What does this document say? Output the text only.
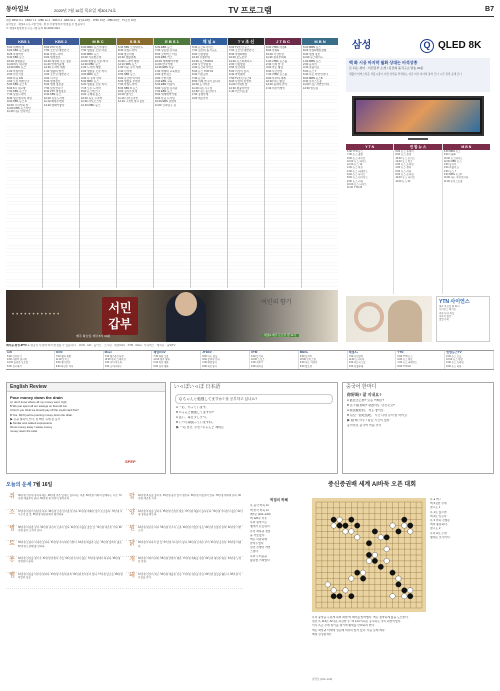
동아일보	2020년 7월 16일 목요일 제30174호	TV 프로그램	B7
채널 KBS1 9-1 · KBS2 7-1 · MBC 11-1 · SBS 6-1 · EBS 10-1 · 채널A 18번 · JTBC 15번 · MBN 16번 · TV조선 19번
동아일보 · 채널A 프로그램 안내 · 편성 사정에 따라 변경될 수 있습니다
※ 채널A 종합편성 프로그램 문의 02-2020-3114
KBS 1
5:00 새벽의 창
6:00 KBS 뉴스광장
8:25 아침마당
9:40 KBS 뉴스
10:00 생생정보
11:00 6시 내고향
12:00 KBS 뉴스
1:00 아침마당
2:00 인간극장
3:00 다큐 ON
4:00 오늘 대한민국
5:00 KBS 뉴스 5
6:00 6시 내고향
7:00 KBS 뉴스 7
7:40 일일드라마
8:30 생로병사의 비밀
9:00 KBS 뉴스 9
10:00 시사기획 창
11:00 KBS 뉴스라인
11:40 다큐 인사이트
KBS 2
6:00 2TV 아침
7:50 굿모닝 대한민국
8:30 아침드라마
9:00 생생정보
10:40 세상의 모든 정보
11:40 연예가중계
12:30 드라마 재방
1:40 생활의 발견
3:00 굿모닝 대한민국
4:00 시크릿
5:00 생생정보
6:00 생생 정보통
7:50 일일연속극
8:30 2TV 생생정보
9:30 KBS 뉴스
10:00 목요드라마
11:10 해피투게더
12:20 영화가좋다
M B C
6:00 MBC 뉴스투데이
7:50 생방송 오늘 아침
9:30 MBC 뉴스
10:00 기분좋은날
11:00 생방송 오늘 저녁
12:00 MBC 뉴스
1:00 드라마 재방
2:00 생방송 오늘 저녁
3:00 MBC 뉴스
4:00 나 혼자 산다
5:00 MBC 뉴스
6:00 생방송 오늘 저녁
7:15 오후 드라마
8:00 뉴스데스크
9:00 구해줘 홈즈
10:30 목요 드라마
11:30 라디오스타
12:40 MBC 뉴스
S B S
5:30 SBS 모닝와이드
8:30 아침드라마
9:30 좋은아침
10:40 생활경제
11:30 드라마 재방
12:10 SBS 뉴스
1:00 미운 우리 새끼
2:40 런닝맨
3:50 SBS 뉴스
5:00 궁금한 이야기
6:00 생방송 투데이
7:00 아침드라마
8:00 SBS 8 뉴스
9:00 집사부일체
10:00 앨리스
11:10 나이트라인
12:10 그것이 알고싶다
E B S 1
6:00 EBS 뉴스
7:00 딩동댕 유치원
8:00 꼬마버스 타요
9:00 EBS 키즈
10:00 세계테마기행
11:00 한국기행
12:00 EBS 다큐
1:00 세계의 교육현장
2:00 장학퀴즈
3:00 극한직업
4:00 EBS 교육
5:00 EBS 어린이
6:00 딩동댕 유치원
7:00 EBS 뉴스
8:00 세계테마기행
9:00 다큐 프라임
10:00 EBS 초대석
11:00 건축탐구 집
채 널 A
5:30 뉴스A 라이브
7:00 김진의 돌직구쇼
9:00 신통방통
10:40 강철부대
12:00 뉴스TOP10
2:00 사건상황실
3:30 뉴스A 라이브
5:00 뉴스 TOP 10
6:00 서민갑부
7:30 뉴스A
8:50 이제 만나러 갑니다
10:00 도시어부
11:40 하트시그널
12:50 나는 몸신이다
1:50 강철부대
3:00 애로부부
T V 조 선
6:00 TV조선 뉴스
7:00 굿모닝 대한민국
8:30 아침&매일
10:00 보도본부
12:00 뉴스퍼레이드
2:00 신통방통
3:50 사건파일
5:00 이것이 정치
6:30 마이웨이
7:50 TV조선 뉴스9
9:00 사랑의 콜센타
11:00 아내의 맛
12:30 뽕숭아학당
1:40 미스터트롯
J T B C
6:00 JTBC 아침&
8:00 아침&
10:00 사건반장
11:30 정치부회의
1:00 JTBC 뉴스룸
2:30 신의 한 수
4:00 아는 형님
6:00 사건반장
7:30 JTBC 뉴스룸
9:00 부부의 세계
10:30 아는 형님
12:00 뭉쳐야 찬다
1:30 비긴어게인
M B N
6:00 MBN 뉴스
8:00 아침&매일경제
9:30 생생 정보
11:00 뉴스와이드
1:00 MBN 뉴스
2:00 동치미
3:40 속풀이쇼
5:00 뉴스 7
6:30 나는 자연인이다
8:00 MBN 뉴스8
9:30 보이스트롯
11:00 나는 자연인이다
12:30 알토란
••••••••••••	서민 갑부
매주 화요일 저녁 8시 10분
여인의 향기
채널A 매주 토요일 밤 11시
케이블·위성·IPTV ※ 방송사 사정에 따라 변경될 수 있습니다. · OCN · tvN · 올리브 · 스크린 · 채널CGV · XTM · Mnet · 투니버스 · 캐치온 · 중화TV
tvN
6:00 신서유기
9:00 사랑의 불시착
12:00 놀라운 토요일
5:00 삼시세끼
OCN
7:00 영화 재방
11:00 보이스
3:00 경이로운
9:00 타인은 지옥
Mnet
6:00 엠카운트다운
10:00 뮤직 스테이션
2:00 너의 목소리
8:00 쇼미더머니
채널CGV
7:30 영화 모음
11:00 명작 영화
3:10 특선 영화
9:00 심야 영화
JTBC2
6:00 아는 형님
9:00 뭉쳐야 산다
1:00 팬텀싱어
8:00 히든싱어
XTM
6:00 탑기어
10:00 스포츠
3:00 격투기
9:00 레이싱
MBN+
6:00 동치미
10:00 보이스퀸
2:00 나는 자연인
8:00 알토란
채널A+
7:00 서민갑부
11:00 도시어부
3:00 하트시그널
9:00 강철부대
YTN
6:00 YTN 뉴스
9:00 뉴스 특보
1:00 뉴스 퍼레이드
8:00 YTN 24
연합뉴스TV
6:00 뉴스 오늘
10:00 뉴스 현장
2:00 뉴스 프라임
9:00 뉴스 리뷰
삼성	Q QLED 8K
백 화 시공 마지막 월화 상대는 비석상종
돈 되는 취미 · 서민갑부 소개 / 김진의 돌직구쇼 방송 20분
생활이 억척스러운 서울시장이 사람 성적을 추적하는 지금 여기 자녀의 통역 코너 시간 전격 공개 코너
Y T N
6:00 YTN 뉴스
7:00 뉴스 출발
9:00 뉴스 라이브
10:00 뉴스 와이드
12:00 뉴스 12
2:00 뉴스 특보
4:00 뉴스 퍼레이드
6:00 뉴스 나이트
8:00 뉴스 인사이드
9:00 뉴스 리뷰
10:00 뉴스 나이트
11:00 YTN 24
연 합 뉴 스
6:00 뉴스 투데이
8:00 뉴스 현장
10:00 뉴스 포커스
12:00 뉴스 정오
2:00 뉴스 프라임
4:00 뉴스 센터
6:00 뉴스 리뷰
8:00 뉴스 프라임
10:00 뉴스 나이트
11:00 뉴스 24
M B N
6:00 MBN 뉴스
8:00 아침&
10:00 뉴스와이드
12:00 MBN 뉴스
2:00 동치미
4:00 속풀이쇼
6:00 뉴스 7
8:00 MBN 뉴스8
10:00 나는 자연인이다
11:00 보이스트롯
YTN 사이언스
매주 목요일 밤 11시
사이언스 매거진
과학 다큐 특집
과학의 발견
별별 과학
English Review
Pour money down the drain
A I don't know where all my money went. Ugh.
B We just spent all our savings on that old car.
A Don't you think we should pay off the credit card first?
B Yes. We'll just be pouring money down the drain.
▶ 돈을 헛되이 쓰다, 밑 빠진 독에 물 붓기
▶ Similar and related expressions
throw money away / waste money
money down the toilet
SPEP
いっぽいっぽ 日本語
Q ちゃんと勉強してますか? 잘 공부하고 있나요?
A 一応、やっています。
B ちゃんと勉強してますか?
A はい、毎日少しずつ。
B いつも頑張っていますね。
▶ 一応 일단, 우선 / ちゃんと 제대로
중국어 한마디
你好吗? 잘 지내요?
A 最近怎么样? 요즘 어때요?
B 还不错,你呢? 괜찮아요, 당신은요?
A 我也挺好的。 저도 좋아요.
B 有空一起吃饭吧。 시간 나면 같이 밥 먹어요.
▶ 挺 꽤, 아주 / 有空 시간이 있다
동아일보 중국어 학습 코너
오늘의 운세 7월 16일
쥐	36년생 건강에 유의하세요. 48년생 작은 일에도 감사하는 마음. 60년생 가족과 함께하는 시간. 72년생 재물운이 좋다. 84년생 새 인연이 찾아온다.
소	37년생 마음이 편안한 하루. 49년생 오랜 친구를 만난다. 61년생 계획한 일이 순조롭다. 73년생 서두르지 말 것. 85년생 대인관계가 원만하다.
범	38년생 여유를 갖자. 50년생 귀인의 도움이 있다. 62년생 지출을 줄일 것. 74년생 새로운 기회. 86년생 좋은 소식이 온다.
토	39년생 조용히 지내면 길하다. 51년생 자녀에게 기쁨이. 63년생 재물운 상승. 75년생 협력이 필요. 87년생 도전해 볼 만하다.
용	40년생 건강을 챙기자. 52년생 뜻밖의 수입. 64년생 인내가 필요. 76년생 명예가 따른다. 88년생 연애운이 좋다.
뱀	41년생 마음을 비우면 편하다. 53년생 가정에 화목. 65년생 문서운이 있다. 77년생 말조심. 89년생 학업운 상승.
말	42년생 욕심을 줄이자. 54년생 좋은 일이 생긴다. 66년생 이동운이 있다. 78년생 계약에 유리. 90년생 새로운 시작.
양	43년생 주변을 살피자. 55년생 건강운 양호. 67년생 재물이 들어온다. 79년생 기다림이 필요. 91년생 칭찬을 받는다.
원	44년생 평온한 하루. 56년생 친구의 도움. 68년생 사업운 상승. 80년생 신중한 선택. 92년생 기쁜 소식.
닭	45년생 무리하지 말 것. 57년생 자녀운이 좋다. 69년생 손재수 주의. 81년생 승진운. 93년생 여행운.
개	46년생 가족의 화목. 58년생 뜻밖의 행운. 70년생 계획을 점검. 82년생 대인운 양호. 94년생 노력한 만큼.
돼	47년생 건강이 최고. 59년생 재물운 상승. 71년생 귀인을 만남. 83년생 결실을 맺는다. 95년생 자신감을 갖자.
중신증권배 세계 AI바둑 오픈 대회
허점의 허혜
흑 중국 바둑 AI
백 한국 바둑 AI
제7보 (101~120)
백 120수 이후
흑의 실착으로
형세가 흔들린다.
흑이 좌하귀 침입
을 서둘렀다.
백은 차분하게
받아두었다.
실전 진행이 자연
스럽다.
흑의 두터움을
활용할 기회였다.
흑 ● 백 ○
백 3집반 우세
참고도 1
흑 1로 끊으면
백 2로 잇는다.
흑 3 이하 진행은
백이 충분하다.
참고도 2
흑이 A로 두면
형세는 호각이다.
흑이 중앙을 두텁게 하며 좌변 백 대마를 압박했다. 백은 침착하게 삶을 도모한다.
실전 흑 113은 AI다운 과감한 수. 백 114 이하로 응수하는 것이 최선이었다.
이후 흑은 우변 실리를 챙기며 형세를 만회하려 한다.
백은 좌상귀 타개에 성공해 여전히 앞서 있다. 다음 보에 계속.
해설 김성룡 9단
실전보 (101~120)
